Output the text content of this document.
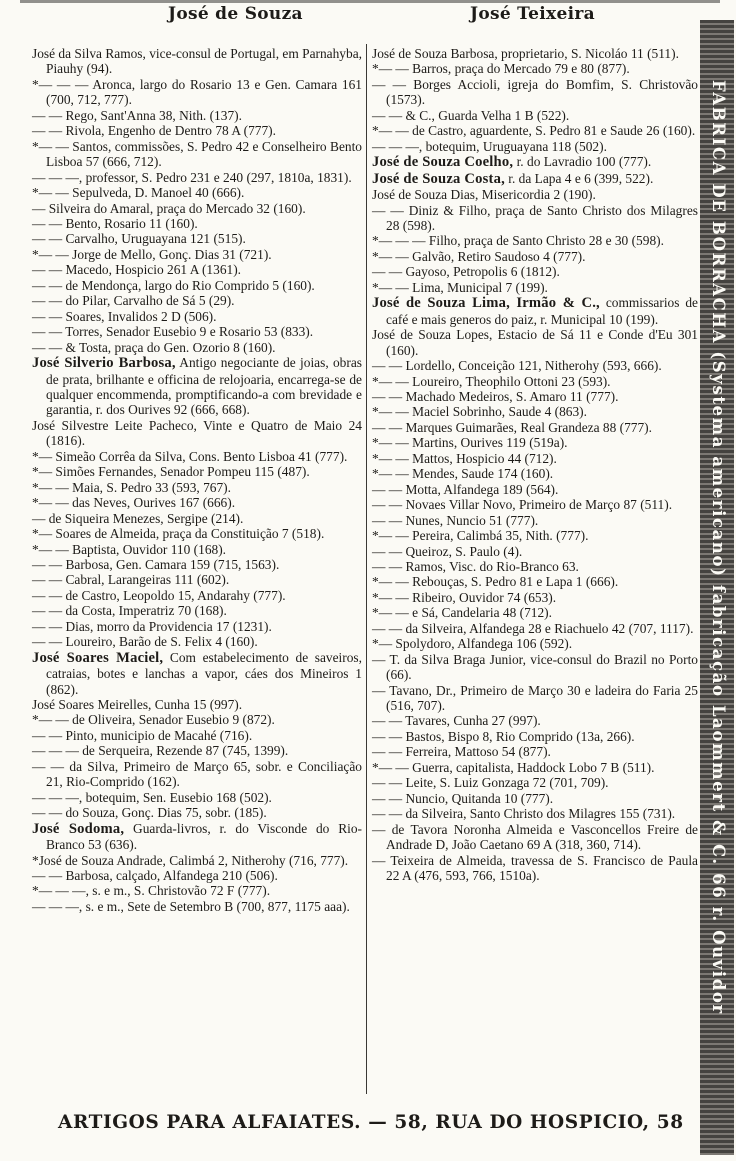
José de Souza	José Teixeira

José da Silva Ramos, vice-consul de Portugal, em Parnahyba, Piauhy (94).

*— — — Aronca, largo do Rosario 13 e Gen. Camara 161 (700, 712, 777).

— — Rego, Sant'Anna 38, Nith. (137).

— — Rivola, Engenho de Dentro 78 A (777).

*— — Santos, commissões, S. Pedro 42 e Conselheiro Bento Lisboa 57 (666, 712).

— — —, professor, S. Pedro 231 e 240 (297, 1810a, 1831).

*— — Sepulveda, D. Manoel 40 (666).

— Silveira do Amaral, praça do Mercado 32 (160).

— — Bento, Rosario 11 (160).

— — Carvalho, Uruguayana 121 (515).

*— — Jorge de Mello, Gonç. Dias 31 (721).

— — Macedo, Hospicio 261 A (1361).

— — de Mendonça, largo do Rio Comprido 5 (160).

— — do Pilar, Carvalho de Sá 5 (29).

— — Soares, Invalidos 2 D (506).

— — Torres, Senador Eusebio 9 e Rosario 53 (833).

— — & Tosta, praça do Gen. Ozorio 8 (160).

José Silverio Barbosa, Antigo negociante de joias, obras de prata, brilhante e officina de relojoaria, encarrega-se de qualquer encommenda, promptificando-a com brevidade e garantia, r. dos Ourives 92 (666, 668).

José Silvestre Leite Pacheco, Vinte e Quatro de Maio 24 (1816).

*— Simeão Corrêa da Silva, Cons. Bento Lisboa 41 (777).

*— Simões Fernandes, Senador Pompeu 115 (487).

*— — Maia, S. Pedro 33 (593, 767).

*— — das Neves, Ourives 167 (666).

— de Siqueira Menezes, Sergipe (214).

*— Soares de Almeida, praça da Constituição 7 (518).

*— — Baptista, Ouvidor 110 (168).

— — Barbosa, Gen. Camara 159 (715, 1563).

— — Cabral, Larangeiras 111 (602).

— — de Castro, Leopoldo 15, Andarahy (777).

— — da Costa, Imperatriz 70 (168).

— — Dias, morro da Providencia 17 (1231).

— — Loureiro, Barão de S. Felix 4 (160).

José Soares Maciel, Com estabelecimento de saveiros, catraias, botes e lanchas a vapor, cáes dos Mineiros 1 (862).

José Soares Meirelles, Cunha 15 (997).

*— — de Oliveira, Senador Eusebio 9 (872).

— — Pinto, municipio de Macahé (716).

— — — de Serqueira, Rezende 87 (745, 1399).

— — da Silva, Primeiro de Março 65, sobr. e Conciliação 21, Rio-Comprido (162).

— — —, botequim, Sen. Eusebio 168 (502).

— — do Souza, Gonç. Dias 75, sobr. (185).

José Sodoma, Guarda-livros, r. do Visconde do Rio-Branco 53 (636).

*José de Souza Andrade, Calimbá 2, Nitherohy (716, 777).

— — Barbosa, calçado, Alfandega 210 (506).

*— — —, s. e m., S. Christovão 72 F (777).

— — —, s. e m., Sete de Setembro B (700, 877, 1175 aaa).

José de Souza Barbosa, proprietario, S. Nicoláo 11 (511).

*— — Barros, praça do Mercado 79 e 80 (877).

— — Borges Accioli, igreja do Bomfim, S. Christovão (1573).

— — & C., Guarda Velha 1 B (522).

*— — de Castro, aguardente, S. Pedro 81 e Saude 26 (160).

— — —, botequim, Uruguayana 118 (502).

José de Souza Coelho, r. do Lavradio 100 (777).

José de Souza Costa, r. da Lapa 4 e 6 (399, 522).

José de Souza Dias, Misericordia 2 (190).

— — Diniz & Filho, praça de Santo Christo dos Milagres 28 (598).

*— — — Filho, praça de Santo Christo 28 e 30 (598).

*— — Galvão, Retiro Saudoso 4 (777).

— — Gayoso, Petropolis 6 (1812).

*— — Lima, Municipal 7 (199).

José de Souza Lima, Irmão & C., commissarios de café e mais generos do paiz, r. Municipal 10 (199).

José de Souza Lopes, Estacio de Sá 11 e Conde d'Eu 301 (160).

— — Lordello, Conceição 121, Nitherohy (593, 666).

*— — Loureiro, Theophilo Ottoni 23 (593).

— — Machado Medeiros, S. Amaro 11 (777).

*— — Maciel Sobrinho, Saude 4 (863).

— — Marques Guimarães, Real Grandeza 88 (777).

*— — Martins, Ourives 119 (519a).

*— — Mattos, Hospicio 44 (712).

*— — Mendes, Saude 174 (160).

— — Motta, Alfandega 189 (564).

— — Novaes Villar Novo, Primeiro de Março 87 (511).

— — Nunes, Nuncio 51 (777).

*— — Pereira, Calimbá 35, Nith. (777).

— — Queiroz, S. Paulo (4).

— — Ramos, Visc. do Rio-Branco 63.

*— — Rebouças, S. Pedro 81 e Lapa 1 (666).

*— — Ribeiro, Ouvidor 74 (653).

*— — e Sá, Candelaria 48 (712).

— — da Silveira, Alfandega 28 e Riachuelo 42 (707, 1117).

*— Spolydoro, Alfandega 106 (592).

— T. da Silva Braga Junior, vice-consul do Brazil no Porto (66).

— Tavano, Dr., Primeiro de Março 30 e ladeira do Faria 25 (516, 707).

— — Tavares, Cunha 27 (997).

— — Bastos, Bispo 8, Rio Comprido (13a, 266).

— — Ferreira, Mattoso 54 (877).

*— — Guerra, capitalista, Haddock Lobo 7 B (511).

— — Leite, S. Luiz Gonzaga 72 (701, 709).

— — Nuncio, Quitanda 10 (777).

— — da Silveira, Santo Christo dos Milagres 155 (731).

— de Tavora Noronha Almeida e Vasconcellos Freire de Andrade D, João Caetano 69 A (318, 360, 714).

— Teixeira de Almeida, travessa de S. Francisco de Paula 22 A (476, 593, 766, 1510a).	FABRICA DE BORRACHA (Systema americano) fabricação Laommert & C. 66 r. Ouvidor
ARTIGOS PARA ALFAIATES. — 58, RUA DO HOSPICIO, 58
